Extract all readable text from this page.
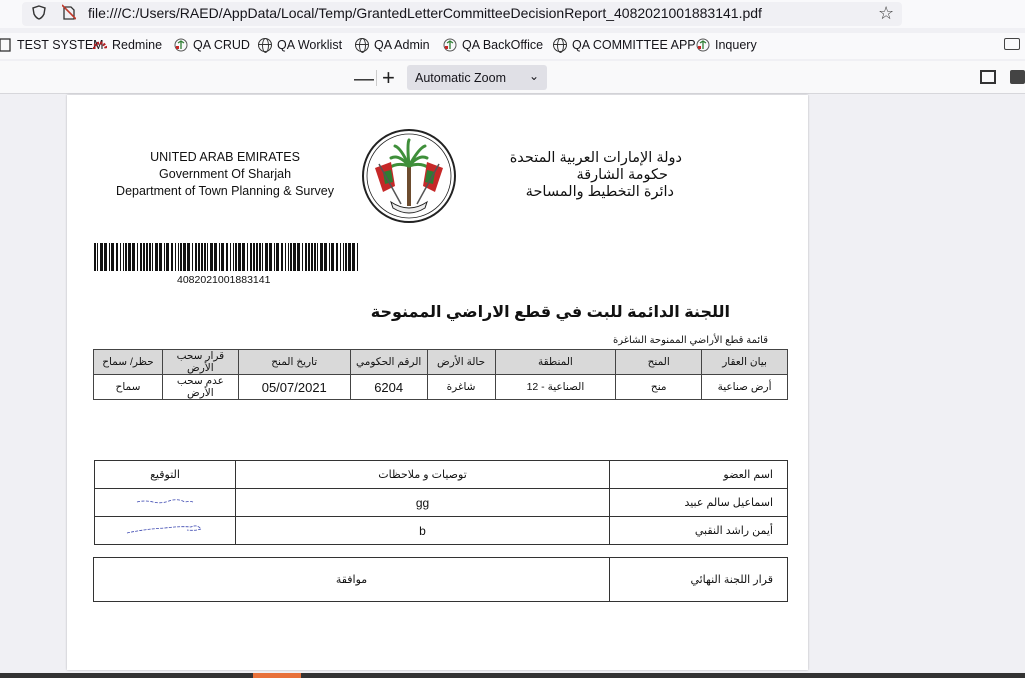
file:///C:/Users/RAED/AppData/Local/Temp/GrantedLetterCommitteeDecisionReport_4082021001883141.pdf	☆
TEST SYSTEM Redmine QA CRUD QA Worklist	QA Admin	QA BackOffice QA COMMITTEE APP Inquery
— +	Automatic Zoom ⌄
UNITED ARAB EMIRATES
Government Of Sharjah
Department of Town Planning & Survey
دولة الإمارات العربية المتحدة
حكومة الشارقة
دائرة التخطيط والمساحة
4082021001883141
اللجنة الدائمة للبت في قطع الاراضي الممنوحة
قائمة قطع الأراضي الممنوحة الشاغرة
بيان العقار	المنح	المنطقة	حالة الأرض	الرقم الحكومي	تاريخ المنح	قرار سحب الأرض	حظر/ سماح
أرض صناعية	منح	الصناعية - 12	شاغرة	6204	05/07/2021	عدم سحب الأرض	سماح
اسم العضو	توصيات و ملاحظات	التوقيع
اسماعيل سالم عبيد	gg	
أيمن راشد النقبي	b	
قرار اللجنة النهائي	موافقة
